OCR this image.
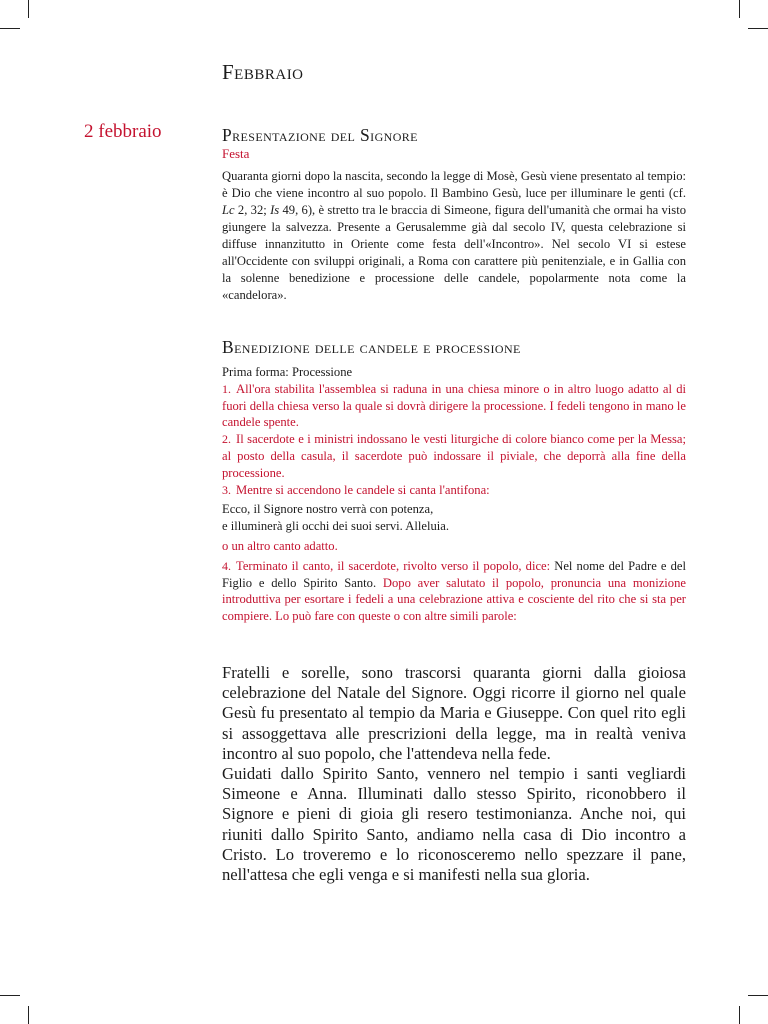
Febbraio
2 febbraio	Presentazione del Signore
Festa
Quaranta giorni dopo la nascita, secondo la legge di Mosè, Gesù viene presentato al tempio: è Dio che viene incontro al suo popolo. Il Bambino Gesù, luce per illuminare le genti (cf. Lc 2, 32; Is 49, 6), è stretto tra le braccia di Simeone, figura dell'umanità che ormai ha visto giungere la salvezza. Presente a Gerusalemme già dal secolo IV, questa celebrazione si diffuse innanzitutto in Oriente come festa dell'«Incontro». Nel secolo VI si estese all'Occidente con sviluppi originali, a Roma con carattere più penitenziale, e in Gallia con la solenne benedizione e processione delle candele, popolarmente nota come la «candelora».
Benedizione delle candele e processione
Prima forma: Processione
1. All'ora stabilita l'assemblea si raduna in una chiesa minore o in altro luogo adatto al di fuori della chiesa verso la quale si dovrà dirigere la processione. I fedeli tengono in mano le candele spente.
2. Il sacerdote e i ministri indossano le vesti liturgiche di colore bianco come per la Messa; al posto della casula, il sacerdote può indossare il piviale, che deporrà alla fine della processione.
3. Mentre si accendono le candele si canta l'antifona:
Ecco, il Signore nostro verrà con potenza,
e illuminerà gli occhi dei suoi servi. Alleluia.
o un altro canto adatto.
4. Terminato il canto, il sacerdote, rivolto verso il popolo, dice: Nel nome del Padre e del Figlio e dello Spirito Santo. Dopo aver salutato il popolo, pronuncia una monizione introduttiva per esortare i fedeli a una celebrazione attiva e cosciente del rito che si sta per compiere. Lo può fare con queste o con altre simili parole:

Fratelli e sorelle, sono trascorsi quaranta giorni dalla gioiosa celebrazione del Natale del Signore. Oggi ricorre il giorno nel quale Gesù fu presentato al tempio da Maria e Giuseppe. Con quel rito egli si assoggettava alle prescrizioni della legge, ma in realtà veniva incontro al suo popolo, che l'attendeva nella fede.

Guidati dallo Spirito Santo, vennero nel tempio i santi vegliardi Simeone e Anna. Illuminati dallo stesso Spirito, riconobbero il Signore e pieni di gioia gli resero testimonianza. Anche noi, qui riuniti dallo Spirito Santo, andiamo nella casa di Dio incontro a Cristo. Lo troveremo e lo riconosceremo nello spezzare il pane, nell'attesa che egli venga e si manifesti nella sua gloria.
